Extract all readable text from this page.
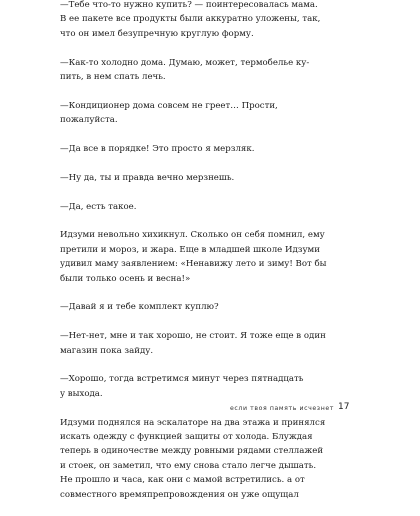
—Тебе что-то нужно купить? — поинтересовалась мама.
В ее пакете все продукты были аккуратно уложены, так,
что он имел безупречную круглую форму.

—Как-то холодно дома. Думаю, может, термобелье ку-
пить, в нем спать лечь.

—Кондиционер дома совсем не греет… Прости,
пожалуйста.

—Да все в порядке! Это просто я мерзляк.

—Ну да, ты и правда вечно мерзнешь.

—Да, есть такое.

Идзуми невольно хихикнул. Сколько он себя помнил, ему
претили и мороз, и жара. Еще в младшей школе Идзуми
удивил маму заявлением: «Ненавижу лето и зиму! Вот бы
были только осень и весна!»

—Давай я и тебе комплект куплю?

—Нет-нет, мне и так хорошо, не стоит. Я тоже еще в один
магазин пока зайду.

—Хорошо, тогда встретимся минут через пятнадцать
у выхода.

Идзуми поднялся на эскалаторе на два этажа и принялся
искать одежду с функцией защиты от холода. Блуждая
теперь в одиночестве между ровными рядами стеллажей
и стоек, он заметил, что ему снова стало легче дышать.
Не прошло и часа, как они с мамой встретились. а от
совместного времяпрепровождения он уже ощущал

если твоя память исчезнет 17
